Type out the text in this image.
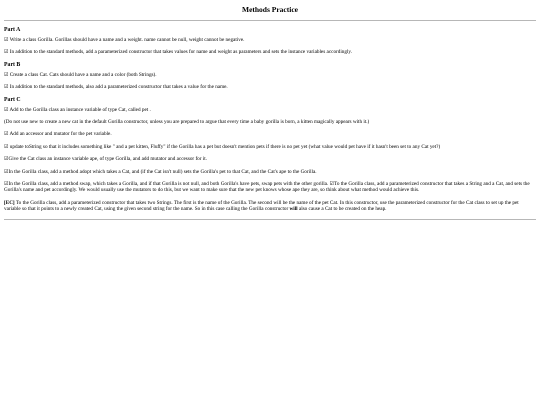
Methods Practice
Part A

☑ Write a class Gorilla. Gorillas should have a name and a weight. name cannot be null, weight cannot be negative.

☑ In addition to the standard methods, add a parameterized constructor that takes values for name and weight as parameters and sets the instance variables accordingly.

Part B

☑ Create a class Cat. Cats should have a name and a color (both Strings).

☑ In addition to the standard methods, also add a parameterized constructor that takes a value for the name.

Part C

☑ Add to the Gorilla class an instance variable of type Cat, called pet .

(Do not use new to create a new cat in the default Gorilla constructor, unless you are prepared to argue that every time a baby gorilla is born, a kitten magically appears with it.)

☑ Add an accessor and mutator for the pet variable.

☑ update toString so that it includes something like " and a pet kitten, Fluffy" if the Gorilla has a pet but doesn't mention pets if there is no pet yet (what value would pet have if it hasn't been set to any Cat yet?)

☑Give the Cat class an instance variable ape, of type Gorilla, and add mutator and accessor for it.

☑In the Gorilla class, add a method adopt which takes a Cat, and (if the Cat isn't null) sets the Gorilla's pet to that Cat, and the Cat's ape to the Gorilla.

☑In the Gorilla class, add a method swap, which takes a Gorilla, and if that Gorilla is not null, and both Gorilla's have pets, swap pets with the other gorilla. ☑To the Gorilla class, add a parameterized constructor that takes a String and a Cat, and sets the Gorilla's name and pet accordingly. We would usually use the mutators to do this, but we want to make sure that the new pet knows whose ape they are, so think about what method would achieve this.

[EC] To the Gorilla class, add a parameterized constructor that takes two Strings. The first is the name of the Gorilla. The second will be the name of the pet Cat. In this constructor, use the parameterized constructor for the Cat class to set up the pet variable so that it points to a newly created Cat, using the given second string for the name. So in this case calling the Gorilla constructor will also cause a Cat to be created on the heap.
